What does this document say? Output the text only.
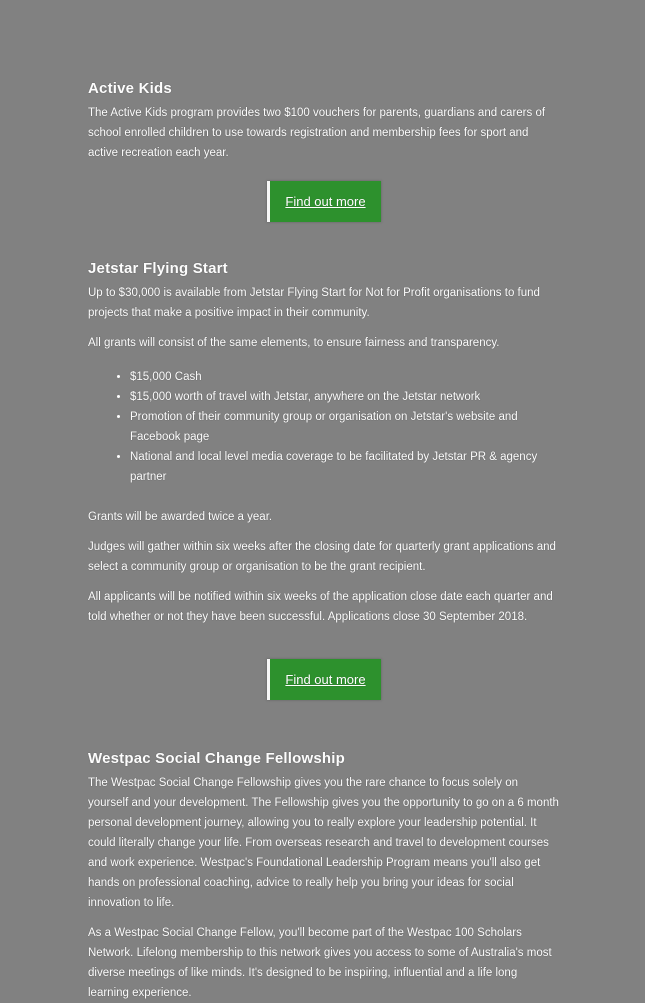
Active Kids

The Active Kids program provides two $100 vouchers for parents, guardians and carers of school enrolled children to use towards registration and membership fees for sport and active recreation each year.

Find out more
Jetstar Flying Start

Up to $30,000 is available from Jetstar Flying Start for Not for Profit organisations to fund projects that make a positive impact in their community.

All grants will consist of the same elements, to ensure fairness and transparency.

• $15,000 Cash
• $15,000 worth of travel with Jetstar, anywhere on the Jetstar network
• Promotion of their community group or organisation on Jetstar's website and Facebook page
• National and local level media coverage to be facilitated by Jetstar PR & agency partner

Grants will be awarded twice a year.

Judges will gather within six weeks after the closing date for quarterly grant applications and select a community group or organisation to be the grant recipient.

All applicants will be notified within six weeks of the application close date each quarter and told whether or not they have been successful. Applications close 30 September 2018.

Find out more
Westpac Social Change Fellowship

The Westpac Social Change Fellowship gives you the rare chance to focus solely on yourself and your development. The Fellowship gives you the opportunity to go on a 6 month personal development journey, allowing you to really explore your leadership potential. It could literally change your life. From overseas research and travel to development courses and work experience. Westpac's Foundational Leadership Program means you'll also get hands on professional coaching, advice to really help you bring your ideas for social innovation to life.

As a Westpac Social Change Fellow, you'll become part of the Westpac 100 Scholars Network. Lifelong membership to this network gives you access to some of Australia's most diverse meetings of like minds. It's designed to be inspiring, influential and a life long learning experience.
